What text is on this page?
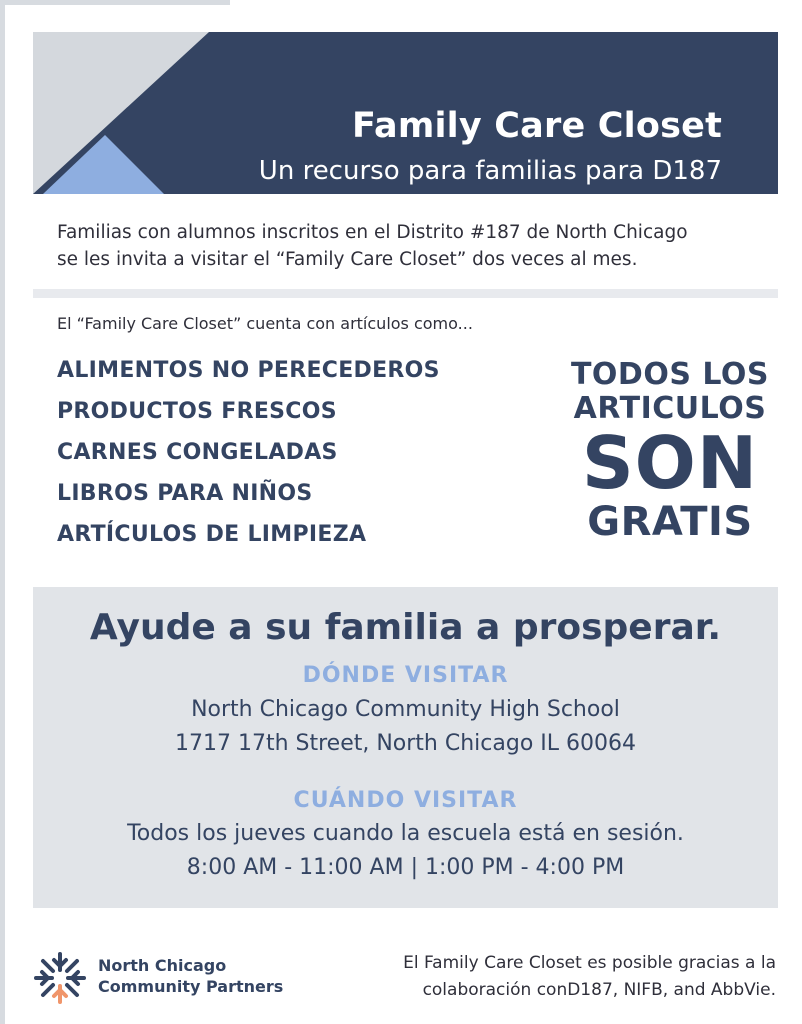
Family Care Closet
Un recurso para familias para D187
Familias con alumnos inscritos en el Distrito #187 de North Chicago
se les invita a visitar el “Family Care Closet” dos veces al mes.
El “Family Care Closet” cuenta con artículos como...
ALIMENTOS NO PERECEDEROS
PRODUCTOS FRESCOS
CARNES CONGELADAS
LIBROS PARA NIÑOS
ARTÍCULOS DE LIMPIEZA
TODOS LOS
ARTICULOS
SON
GRATIS
Ayude a su familia a prosperar.
DÓNDE VISITAR
North Chicago Community High School
1717 17th Street, North Chicago IL 60064
CUÁNDO VISITAR
Todos los jueves cuando la escuela está en sesión.
8:00 AM - 11:00 AM | 1:00 PM - 4:00 PM
North Chicago
Community Partners
El Family Care Closet es posible gracias a la
colaboración conD187, NIFB, and AbbVie.
